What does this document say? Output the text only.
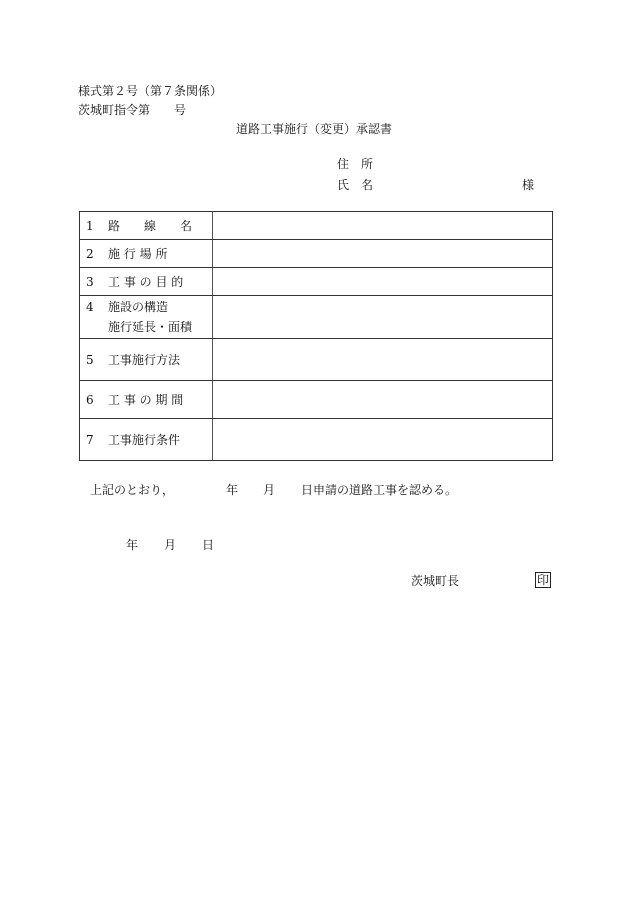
様式第２号（第７条関係）
茨城町指令第　　号
道路工事施行（変更）承認書
住　所
氏　名	様
1 路　　線　　名	
2 施 行 場 所	
3 工 事 の 目 的	
4 施設の構造
施行延長・面積	

5 工事施行方法	
6 工 事 の 期 間	
7 工事施行条件	
上記のとおり，	年 月 日申請の道路工事を認める。
年 月 日
茨城町長	印
